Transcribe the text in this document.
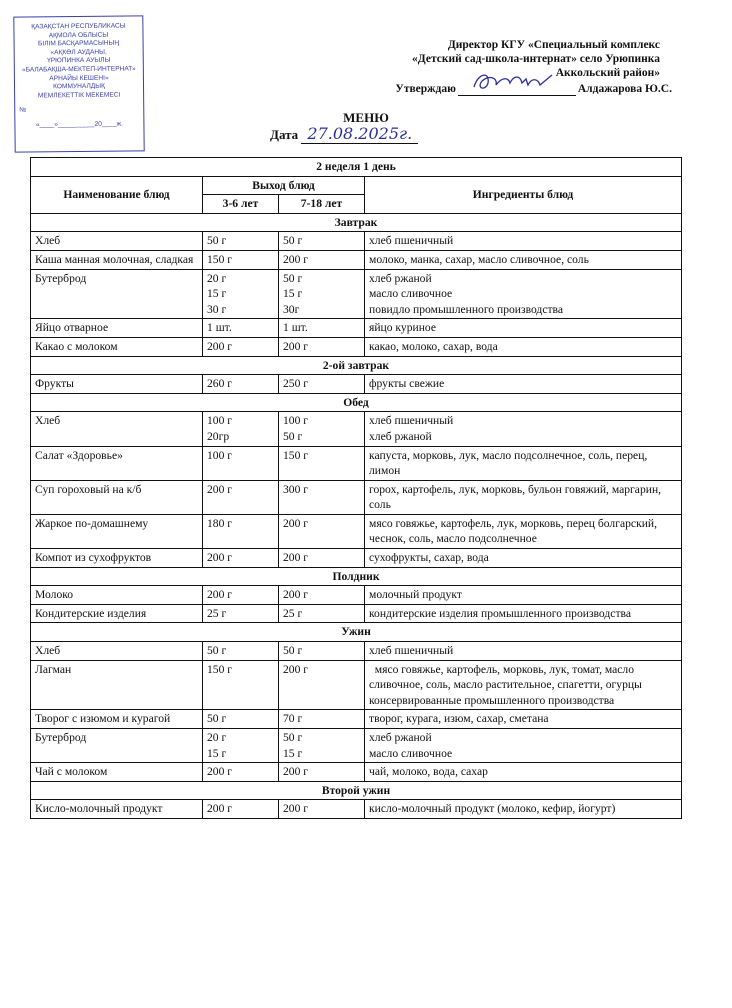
ҚАЗАҚСТАН РЕСПУБЛИКАСЫ
АҚМОЛА ОБЛЫСЫ
БІЛІМ БАСҚАРМАСЫНЫҢ
«АҚКӨЛ АУДАНЫ,
ҮРЮПИНКА АУЫЛЫ
«БАЛАБАҚША-МЕКТЕП-ИНТЕРНАТ»
АРНАЙЫ КЕШЕНІ»
КОММУНАЛДЫҚ
МЕМЛЕКЕТТІК МЕКЕМЕСІ
№
«____»__________20____ж.
Директор КГУ «Специальный комплекс
«Детский сад-школа-интернат» село Урюпинка
Аккольский район»
Утверждаю	Алдажарова Ю.С.
МЕНЮ
Дата 27.08.2025г.
2 неделя 1 день			
Наименование блюд	Выход блюд		Ингредиенты блюд
	3-6 лет	7-18 лет	
Завтрак			
Хлеб	50 г	50 г	хлеб пшеничный

Каша манная молочная, сладкая	150 г	200 г	молоко, манка, сахар, масло сливочное, соль

Бутерброд	20 г
15 г
30 г	50 г
15 г
30г	хлеб ржаной
масло сливочное
повидло промышленного производства

Яйцо отварное	1 шт.	1 шт.	яйцо куриное

Какао с молоком	200 г	200 г	какао, молоко, сахар, вода

2-ой завтрак			
Фрукты	260 г	250 г	фрукты свежие

Обед			
Хлеб	100 г
20гр	100 г
50 г	хлеб пшеничный
хлеб ржаной

Салат «Здоровье»	100 г	150 г	капуста, морковь, лук, масло подсолнечное, соль, перец, лимон

Суп гороховый на к/б	200 г	300 г	горох, картофель, лук, морковь, бульон говяжий, маргарин,  соль

Жаркое по-домашнему	180 г	200 г	мясо говяжье, картофель, лук, морковь, перец болгарский, чеснок, соль, масло подсолнечное

Компот из сухофруктов	200 г	200 г	сухофрукты, сахар, вода

Полдник			
Молоко	200 г	200 г	молочный продукт

Кондитерские изделия	25 г	25 г	кондитерские изделия промышленного производства

Ужин			
Хлеб	50 г	50 г	хлеб пшеничный

Лагман	150 г	200 г	мясо говяжье, картофель, морковь, лук, томат, масло сливочное, соль, масло растительное, спагетти, огурцы консервированные промышленного производства

Творог с изюмом и курагой	50 г	70 г	творог, курага, изюм, сахар, сметана

Бутерброд	20 г
15 г	50 г
15 г	хлеб ржаной
масло сливочное

Чай с молоком	200 г	200 г	чай, молоко, вода, сахар

Второй ужин			
Кисло-молочный продукт	200 г	200 г	кисло-молочный продукт (молоко, кефир, йогурт)
